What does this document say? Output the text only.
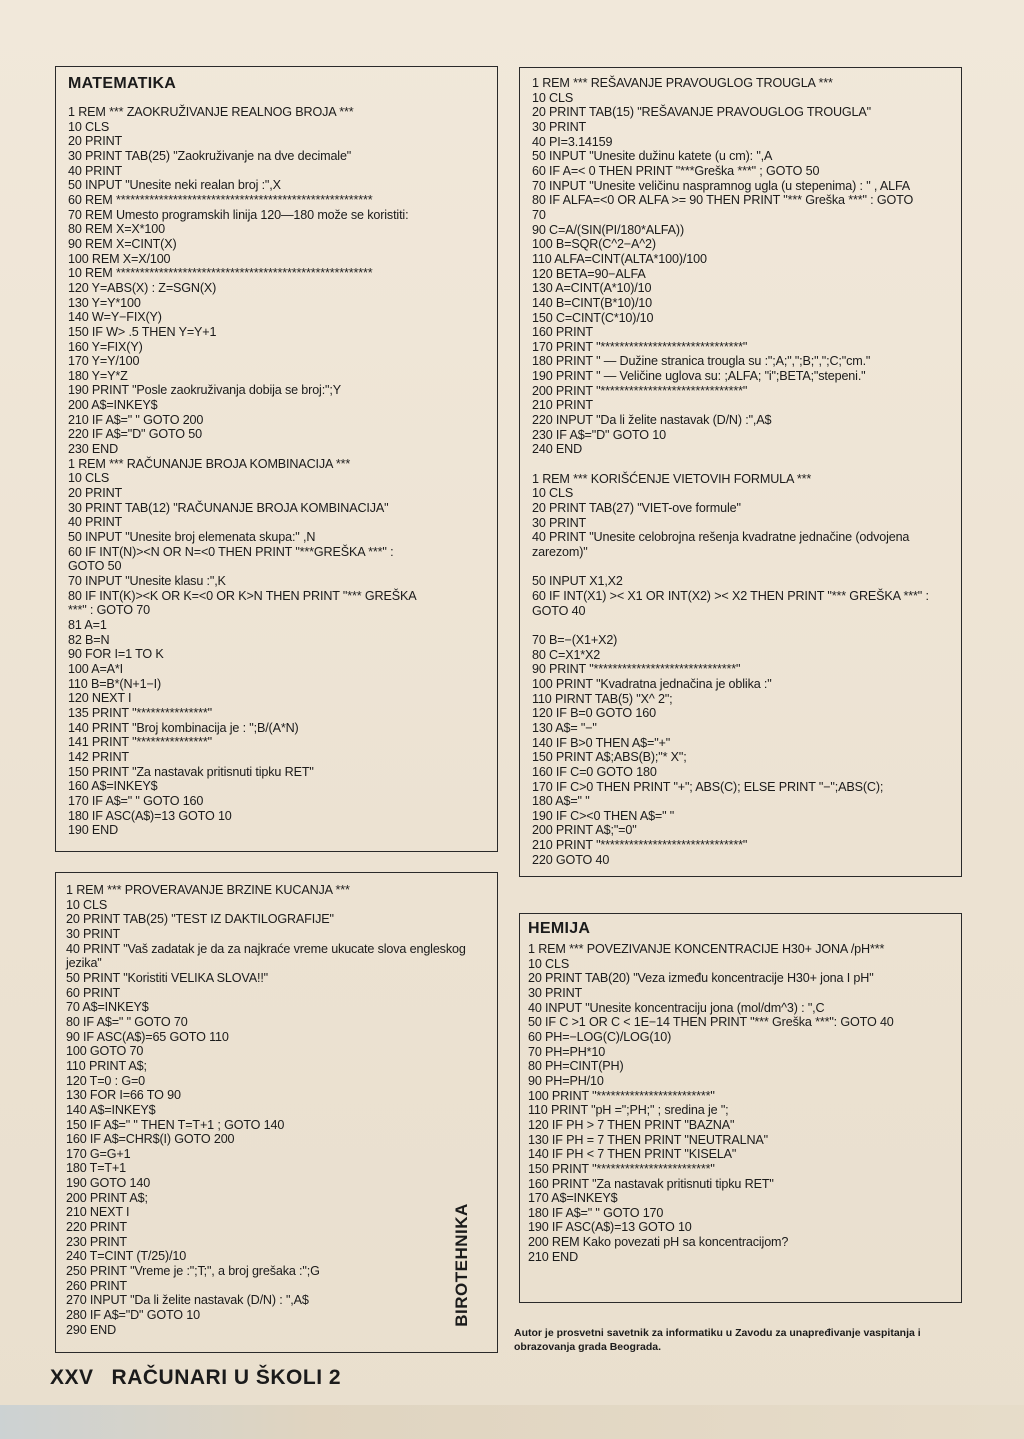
MATEMATIKA
1 REM *** ZAOKRUŽIVANJE REALNOG BROJA ***
10 CLS
20 PRINT
30 PRINT TAB(25) "Zaokruživanje na dve decimale"
40 PRINT
50 INPUT "Unesite neki realan broj :",X
60 REM ******************************************************
70 REM Umesto programskih linija 120—180 može se koristiti:
80 REM X=X*100
90 REM X=CINT(X)
100 REM X=X/100
10 REM ******************************************************
120 Y=ABS(X) : Z=SGN(X)
130 Y=Y*100
140 W=Y−FIX(Y)
150 IF W> .5 THEN Y=Y+1
160 Y=FIX(Y)
170 Y=Y/100
180 Y=Y*Z
190 PRINT "Posle zaokruživanja dobija se broj:";Y
200 A$=INKEY$
210 IF A$=" " GOTO 200
220 IF A$="D" GOTO 50
230 END
1 REM *** RAČUNANJE BROJA KOMBINACIJA ***
10 CLS
20 PRINT
30 PRINT TAB(12) "RAČUNANJE BROJA KOMBINACIJA"
40 PRINT
50 INPUT "Unesite broj elemenata skupa:" ,N
60 IF INT(N)><N OR N=<0 THEN PRINT "***GREŠKA ***" :
GOTO 50
70 INPUT "Unesite klasu :",K
80 IF INT(K)><K OR K=<0 OR K>N THEN PRINT "*** GREŠKA
***" : GOTO 70
81 A=1
82 B=N
90 FOR I=1 TO K
100 A=A*I
110 B=B*(N+1−I)
120 NEXT I
135 PRINT "***************"
140 PRINT "Broj kombinacija je : ";B/(A*N)
141 PRINT "***************"
142 PRINT
150 PRINT "Za nastavak pritisnuti tipku RET"
160 A$=INKEY$
170 IF A$=" " GOTO 160
180 IF ASC(A$)=13 GOTO 10
190 END
1 REM *** PROVERAVANJE BRZINE KUCANJA ***
10 CLS
20 PRINT TAB(25) "TEST IZ DAKTILOGRAFIJE"
30 PRINT
40 PRINT "Vaš zadatak je da za najkraće vreme ukucate slova engleskog jezika"
50 PRINT "Koristiti VELIKA SLOVA!!"
60 PRINT
70 A$=INKEY$
80 IF A$=" " GOTO 70
90 IF ASC(A$)=65 GOTO 110
100 GOTO 70
110 PRINT A$;
120 T=0 : G=0
130 FOR I=66 TO 90
140 A$=INKEY$
150 IF A$=" " THEN T=T+1 ; GOTO 140
160 IF A$=CHR$(I) GOTO 200
170 G=G+1
180 T=T+1
190 GOTO 140
200 PRINT A$;
210 NEXT I
220 PRINT
230 PRINT
240 T=CINT (T/25)/10
250 PRINT "Vreme je :";T;", a broj grešaka :";G
260 PRINT
270 INPUT "Da li želite nastavak (D/N) : ",A$
280 IF A$="D" GOTO 10
290 END
1 REM *** REŠAVANJE PRAVOUGLOG TROUGLA ***
10 CLS
20 PRINT TAB(15) "REŠAVANJE PRAVOUGLOG TROUGLA"
30 PRINT
40 PI=3.14159
50 INPUT "Unesite dužinu katete (u cm): ",A
60 IF A=< 0 THEN PRINT "***Greška ***" ; GOTO 50
70 INPUT "Unesite veličinu naspramnog ugla (u stepenima) : " , ALFA
80 IF ALFA=<0 OR ALFA >= 90 THEN PRINT "*** Greška ***" : GOTO
70
90 C=A/(SIN(PI/180*ALFA))
100 B=SQR(C^2−A^2)
110 ALFA=CINT(ALTA*100)/100
120 BETA=90−ALFA
130 A=CINT(A*10)/10
140 B=CINT(B*10)/10
150 C=CINT(C*10)/10
160 PRINT
170 PRINT "******************************"
180 PRINT " — Dužine stranica trougla su :";A;",";B;",";C;"cm."
190 PRINT " — Veličine uglova su: ;ALFA; "i";BETA;"stepeni."
200 PRINT "******************************"
210 PRINT
220 INPUT "Da li želite nastavak (D/N) :",A$
230 IF A$="D" GOTO 10
240 END

1 REM *** KORIŠĆENJE VIETOVIH FORMULA ***
10 CLS
20 PRINT TAB(27) "VIET-ove formule"
30 PRINT
40 PRINT "Unesite celobrojna rešenja kvadratne jednačine (odvojena zarezom)"

50 INPUT X1,X2
60 IF INT(X1) >< X1 OR INT(X2) >< X2 THEN PRINT "*** GREŠKA ***" : GOTO 40

70 B=−(X1+X2)
80 C=X1*X2
90 PRINT "******************************"
100 PRINT "Kvadratna jednačina je oblika :"
110 PIRNT TAB(5) "X^ 2";
120 IF B=0 GOTO 160
130 A$= "−"
140 IF B>0 THEN A$="+"
150 PRINT A$;ABS(B);"* X";
160 IF C=0 GOTO 180
170 IF C>0 THEN PRINT "+"; ABS(C); ELSE PRINT "−";ABS(C);
180 A$=" "
190 IF C><0 THEN A$=" "
200 PRINT A$;"=0"
210 PRINT "******************************"
220 GOTO 40
HEMIJA
1 REM *** POVEZIVANJE KONCENTRACIJE H30+ JONA /pH***
10 CLS
20 PRINT TAB(20) "Veza između koncentracije H30+ jona I pH"
30 PRINT
40 INPUT "Unesite koncentraciju jona (mol/dm^3) : ",C
50 IF C >1 OR C < 1E−14 THEN PRINT "*** Greška ***": GOTO 40
60 PH=−LOG(C)/LOG(10)
70 PH=PH*10
80 PH=CINT(PH)
90 PH=PH/10
100 PRINT "************************"
110 PRINT "pH =";PH;" ; sredina je ";
120 IF PH > 7 THEN PRINT "BAZNA"
130 IF PH = 7 THEN PRINT "NEUTRALNA"
140 IF PH < 7 THEN PRINT "KISELA"
150 PRINT "************************"
160 PRINT "Za nastavak pritisnuti tipku RET"
170 A$=INKEY$
180 IF A$=" " GOTO 170
190 IF ASC(A$)=13 GOTO 10
200 REM Kako povezati pH sa koncentracijom?
210 END
BIROTEHNIKA
Autor je prosvetni savetnik za informatiku u Zavodu za unapređivanje vaspitanja i obrazovanja grada Beograda.
XXV RAČUNARI U ŠKOLI 2
